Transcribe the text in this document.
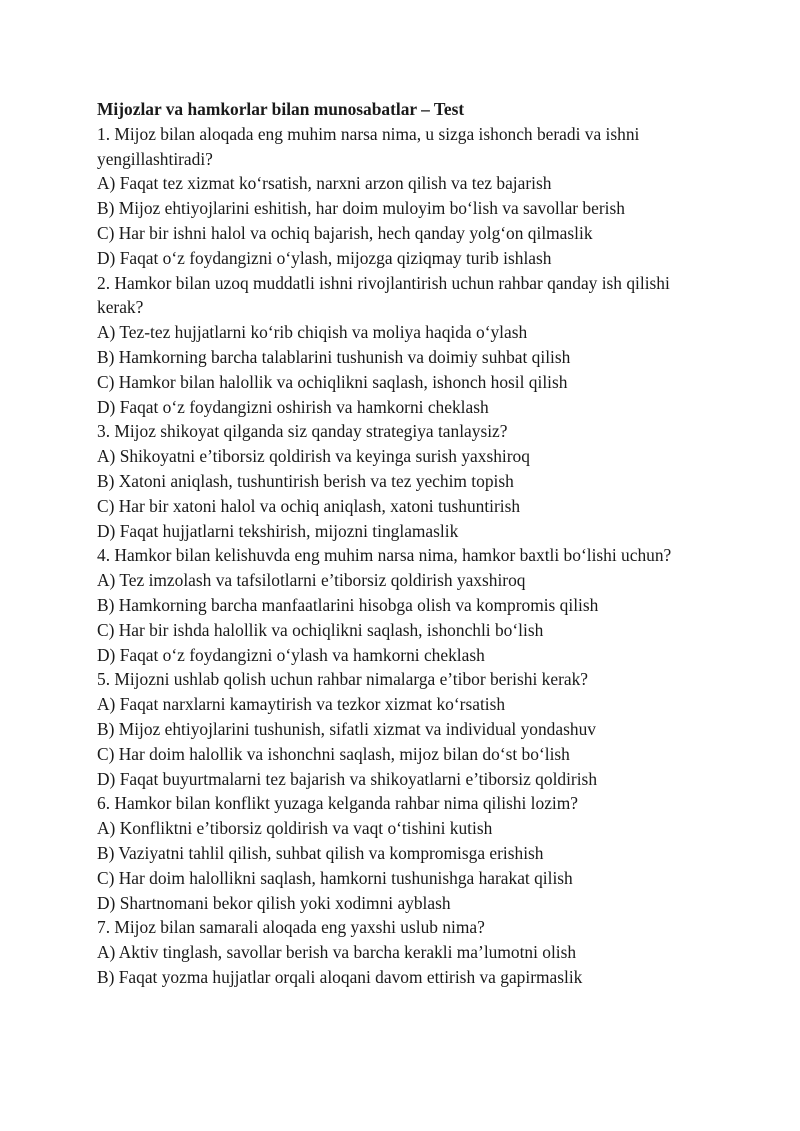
Mijozlar va hamkorlar bilan munosabatlar – Test

1. Mijoz bilan aloqada eng muhim narsa nima, u sizga ishonch beradi va ishni yengillashtiradi?

A) Faqat tez xizmat ko‘rsatish, narxni arzon qilish va tez bajarish

B) Mijoz ehtiyojlarini eshitish, har doim muloyim bo‘lish va savollar berish

C) Har bir ishni halol va ochiq bajarish, hech qanday yolg‘on qilmaslik

D) Faqat o‘z foydangizni o‘ylash, mijozga qiziqmay turib ishlash

2. Hamkor bilan uzoq muddatli ishni rivojlantirish uchun rahbar qanday ish qilishi kerak?

A) Tez-tez hujjatlarni ko‘rib chiqish va moliya haqida o‘ylash

B) Hamkorning barcha talablarini tushunish va doimiy suhbat qilish

C) Hamkor bilan halollik va ochiqlikni saqlash, ishonch hosil qilish

D) Faqat o‘z foydangizni oshirish va hamkorni cheklash

3. Mijoz shikoyat qilganda siz qanday strategiya tanlaysiz?

A) Shikoyatni e’tiborsiz qoldirish va keyinga surish yaxshiroq

B) Xatoni aniqlash, tushuntirish berish va tez yechim topish

C) Har bir xatoni halol va ochiq aniqlash, xatoni tushuntirish

D) Faqat hujjatlarni tekshirish, mijozni tinglamaslik

4. Hamkor bilan kelishuvda eng muhim narsa nima, hamkor baxtli bo‘lishi uchun?

A) Tez imzolash va tafsilotlarni e’tiborsiz qoldirish yaxshiroq

B) Hamkorning barcha manfaatlarini hisobga olish va kompromis qilish

C) Har bir ishda halollik va ochiqlikni saqlash, ishonchli bo‘lish

D) Faqat o‘z foydangizni o‘ylash va hamkorni cheklash

5. Mijozni ushlab qolish uchun rahbar nimalarga e’tibor berishi kerak?

A) Faqat narxlarni kamaytirish va tezkor xizmat ko‘rsatish

B) Mijoz ehtiyojlarini tushunish, sifatli xizmat va individual yondashuv

C) Har doim halollik va ishonchni saqlash, mijoz bilan do‘st bo‘lish

D) Faqat buyurtmalarni tez bajarish va shikoyatlarni e’tiborsiz qoldirish

6. Hamkor bilan konflikt yuzaga kelganda rahbar nima qilishi lozim?

A) Konfliktni e’tiborsiz qoldirish va vaqt o‘tishini kutish

B) Vaziyatni tahlil qilish, suhbat qilish va kompromisga erishish

C) Har doim halollikni saqlash, hamkorni tushunishga harakat qilish

D) Shartnomani bekor qilish yoki xodimni ayblash

7. Mijoz bilan samarali aloqada eng yaxshi uslub nima?

A) Aktiv tinglash, savollar berish va barcha kerakli ma’lumotni olish

B) Faqat yozma hujjatlar orqali aloqani davom ettirish va gapirmaslik
